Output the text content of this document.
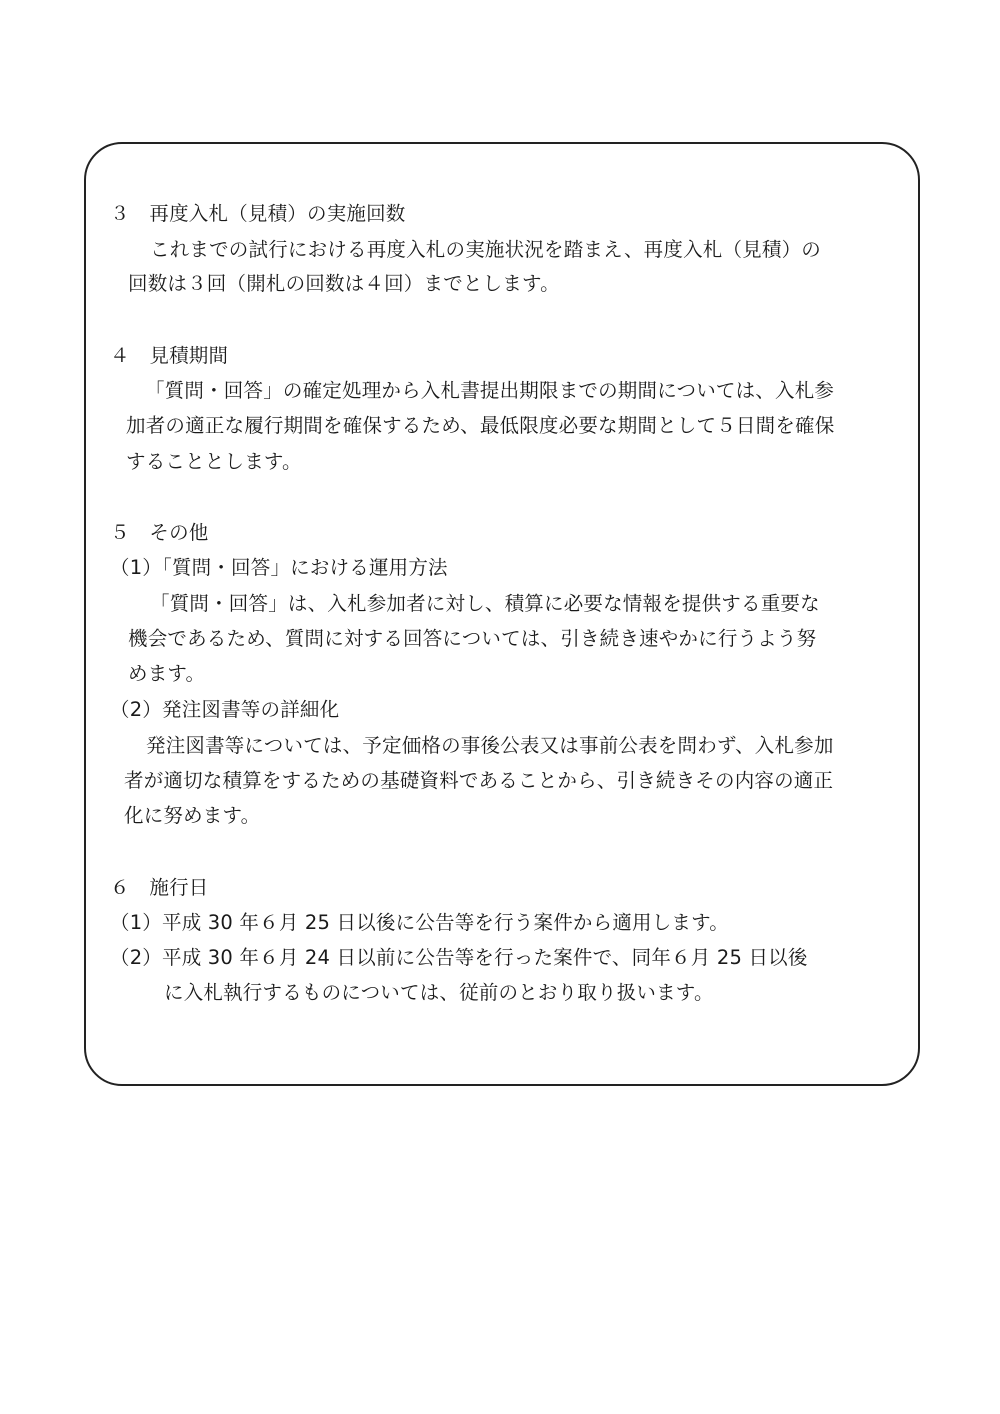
３　再度入札（見積）の実施回数
これまでの試行における再度入札の実施状況を踏まえ、再度入札（見積）の
回数は３回（開札の回数は４回）までとします。
４　見積期間
「質問・回答」の確定処理から入札書提出期限までの期間については、入札参
加者の適正な履行期間を確保するため、最低限度必要な期間として５日間を確保
することとします。
５　その他
（1）「質問・回答」における運用方法
「質問・回答」は、入札参加者に対し、積算に必要な情報を提供する重要な
機会であるため、質問に対する回答については、引き続き速やかに行うよう努
めます。
（2）発注図書等の詳細化
発注図書等については、予定価格の事後公表又は事前公表を問わず、入札参加
者が適切な積算をするための基礎資料であることから、引き続きその内容の適正
化に努めます。
６　施行日
（1）平成 30 年６月 25 日以後に公告等を行う案件から適用します。
（2）平成 30 年６月 24 日以前に公告等を行った案件で、同年６月 25 日以後
に入札執行するものについては、従前のとおり取り扱います。
